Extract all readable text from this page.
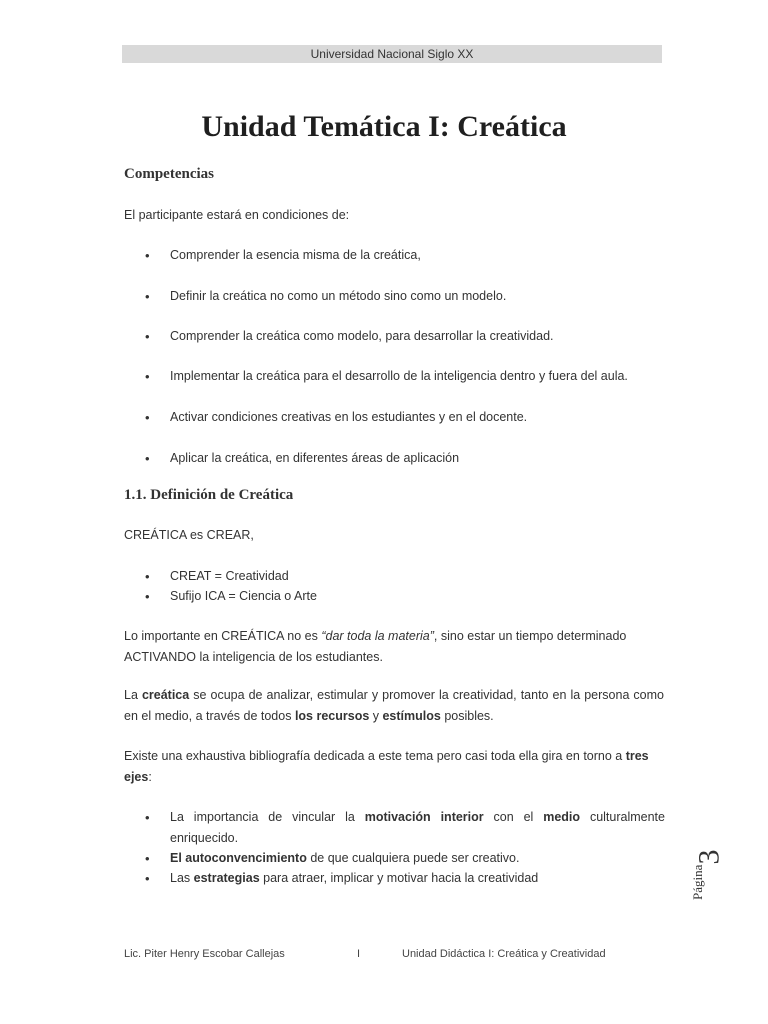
Universidad Nacional Siglo XX
Unidad Temática I: Creática
Competencias
El participante estará en condiciones de:
• Comprender la esencia misma de la creática,
• Definir la creática no como un método sino como un modelo.
• Comprender la creática como modelo, para desarrollar la creatividad.
• Implementar la creática para el desarrollo de la inteligencia dentro y fuera del aula.
• Activar condiciones creativas en los estudiantes y en el docente.
• Aplicar la creática, en diferentes áreas de aplicación
1.1. Definición de Creática
CREÁTICA es CREAR,
• CREAT = Creatividad
• Sufijo ICA = Ciencia o Arte
Lo importante en CREÁTICA no es “dar toda la materia”, sino estar un tiempo determinado ACTIVANDO la inteligencia de los estudiantes.
La creática se ocupa de analizar, estimular y promover la creatividad, tanto en la persona como en el medio, a través de todos los recursos y estímulos posibles.
Existe una exhaustiva bibliografía dedicada a este tema pero casi toda ella gira en torno a tres ejes:
• La importancia de vincular la motivación interior con el medio culturalmente enriquecido.
• El autoconvencimiento de que cualquiera puede ser creativo.
• Las estrategias para atraer, implicar y motivar hacia la creatividad
3
Página
Lic. Piter Henry Escobar Callejas	I	Unidad Didáctica I: Creática y Creatividad
